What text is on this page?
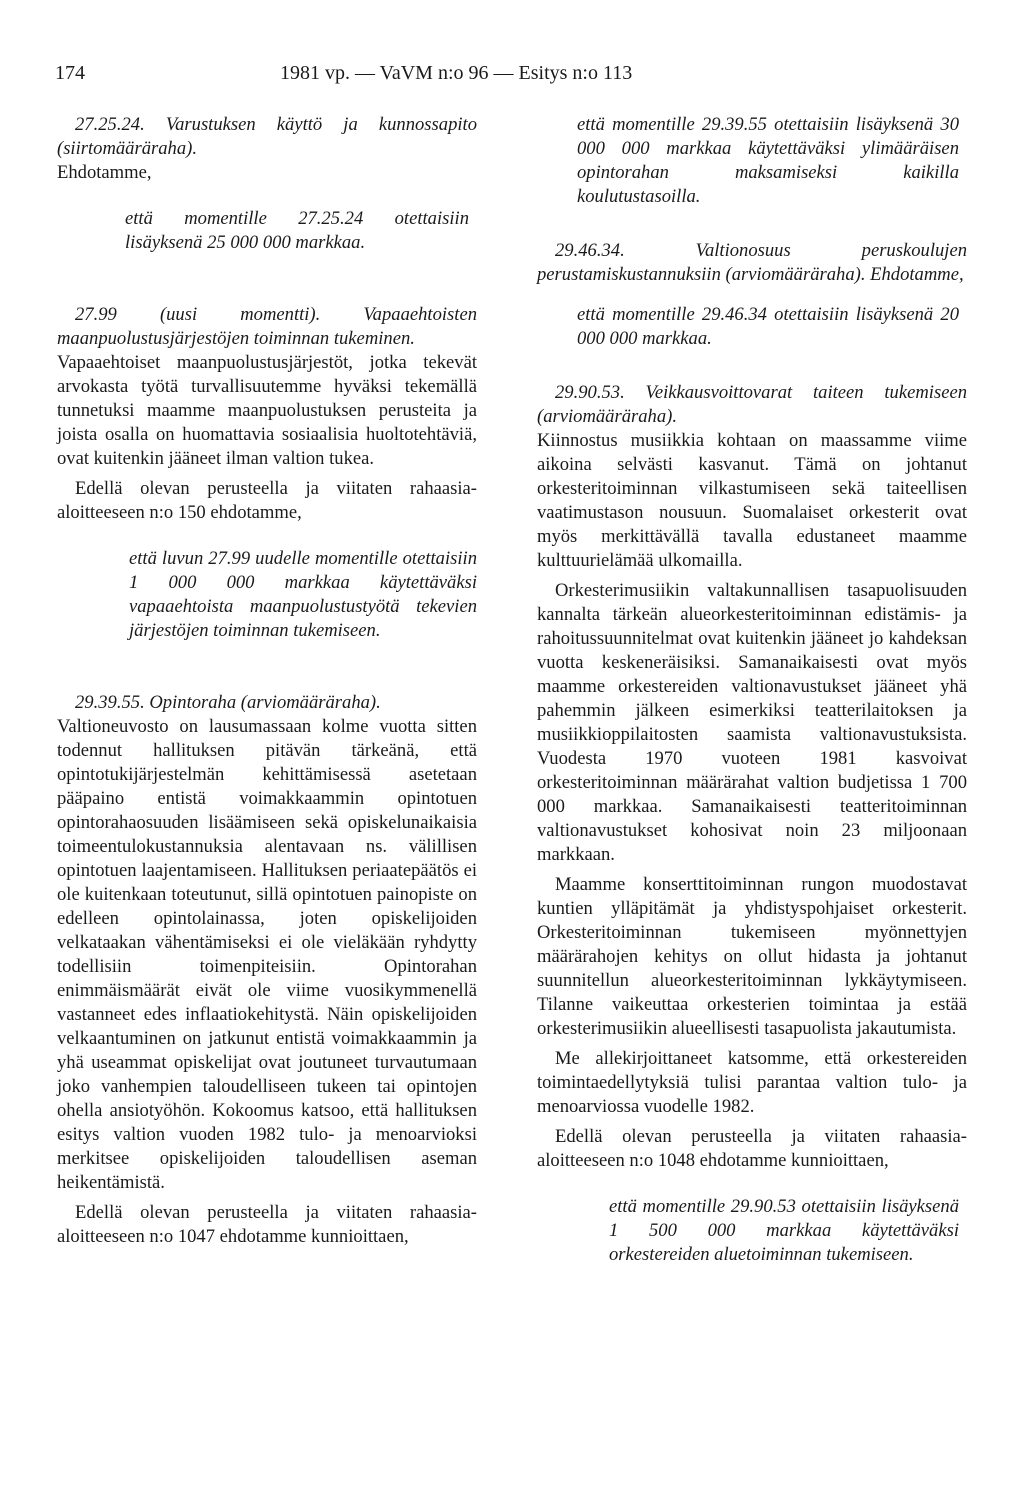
174	1981 vp. — VaVM n:o 96 — Esitys n:o 113

27.25.24. Varustuksen käyttö ja kunnossapito (siirtomääräraha).

Ehdotamme,

että momentille 27.25.24 otettaisiin lisäyksenä 25 000 000 markkaa.

27.99 (uusi momentti). Vapaaehtoisten maanpuolustusjärjestöjen toiminnan tukeminen.

Vapaaehtoiset maanpuolustusjärjestöt, jotka tekevät arvokasta työtä turvallisuutemme hyväksi tekemällä tunnetuksi maamme maanpuolustuksen perusteita ja joista osalla on huomattavia sosiaalisia huoltotehtäviä, ovat kuitenkin jääneet ilman valtion tukea.

Edellä olevan perusteella ja viitaten rahaasia-aloitteeseen n:o 150 ehdotamme,

että luvun 27.99 uudelle momentille otettaisiin 1 000 000 markkaa käytettäväksi vapaaehtoista maanpuolustustyötä tekevien järjestöjen toiminnan tukemiseen.

29.39.55. Opintoraha (arviomääräraha).

Valtioneuvosto on lausumassaan kolme vuotta sitten todennut hallituksen pitävän tärkeänä, että opintotukijärjestelmän kehittämisessä asetetaan pääpaino entistä voimakkaammin opintotuen opintorahaosuuden lisäämiseen sekä opiskelunaikaisia toimeentulokustannuksia alentavaan ns. välillisen opintotuen laajentamiseen. Hallituksen periaatepäätös ei ole kuitenkaan toteutunut, sillä opintotuen painopiste on edelleen opintolainassa, joten opiskelijoiden velkataakan vähentämiseksi ei ole vieläkään ryhdytty todellisiin toimenpiteisiin. Opintorahan enimmäismäärät eivät ole viime vuosikymmenellä vastanneet edes inflaatiokehitystä. Näin opiskelijoiden velkaantuminen on jatkunut entistä voimakkaammin ja yhä useammat opiskelijat ovat joutuneet turvautumaan joko vanhempien taloudelliseen tukeen tai opintojen ohella ansiotyöhön. Kokoomus katsoo, että hallituksen esitys valtion vuoden 1982 tulo- ja menoarvioksi merkitsee opiskelijoiden taloudellisen aseman heikentämistä.

Edellä olevan perusteella ja viitaten rahaasia-aloitteeseen n:o 1047 ehdotamme kunnioittaen,

että momentille 29.39.55 otettaisiin lisäyksenä 30 000 000 markkaa käytettäväksi ylimääräisen opintorahan maksamiseksi kaikilla koulutustasoilla.

29.46.34. Valtionosuus peruskoulujen perustamiskustannuksiin (arviomääräraha). Ehdotamme,

että momentille 29.46.34 otettaisiin lisäyksenä 20 000 000 markkaa.

29.90.53. Veikkausvoittovarat taiteen tukemiseen (arviomääräraha).

Kiinnostus musiikkia kohtaan on maassamme viime aikoina selvästi kasvanut. Tämä on johtanut orkesteritoiminnan vilkastumiseen sekä taiteellisen vaatimustason nousuun. Suomalaiset orkesterit ovat myös merkittävällä tavalla edustaneet maamme kulttuurielämää ulkomailla.

Orkesterimusiikin valtakunnallisen tasapuolisuuden kannalta tärkeän alueorkesteritoiminnan edistämis- ja rahoitussuunnitelmat ovat kuitenkin jääneet jo kahdeksan vuotta keskeneräisiksi. Samanaikaisesti ovat myös maamme orkestereiden valtionavustukset jääneet yhä pahemmin jälkeen esimerkiksi teatterilaitoksen ja musiikkioppilaitosten saamista valtionavustuksista. Vuodesta 1970 vuoteen 1981 kasvoivat orkesteritoiminnan määrärahat valtion budjetissa 1 700 000 markkaa. Samanaikaisesti teatteritoiminnan valtionavustukset kohosivat noin 23 miljoonaan markkaan.

Maamme konserttitoiminnan rungon muodostavat kuntien ylläpitämät ja yhdistyspohjaiset orkesterit. Orkesteritoiminnan tukemiseen myönnettyjen määrärahojen kehitys on ollut hidasta ja johtanut suunnitellun alueorkesteritoiminnan lykkäytymiseen. Tilanne vaikeuttaa orkesterien toimintaa ja estää orkesterimusiikin alueellisesti tasapuolista jakautumista.

Me allekirjoittaneet katsomme, että orkestereiden toimintaedellytyksiä tulisi parantaa valtion tulo- ja menoarviossa vuodelle 1982.

Edellä olevan perusteella ja viitaten rahaasia-aloitteeseen n:o 1048 ehdotamme kunnioittaen,

että momentille 29.90.53 otettaisiin lisäyksenä 1 500 000 markkaa käytettäväksi orkestereiden aluetoiminnan tukemiseen.
